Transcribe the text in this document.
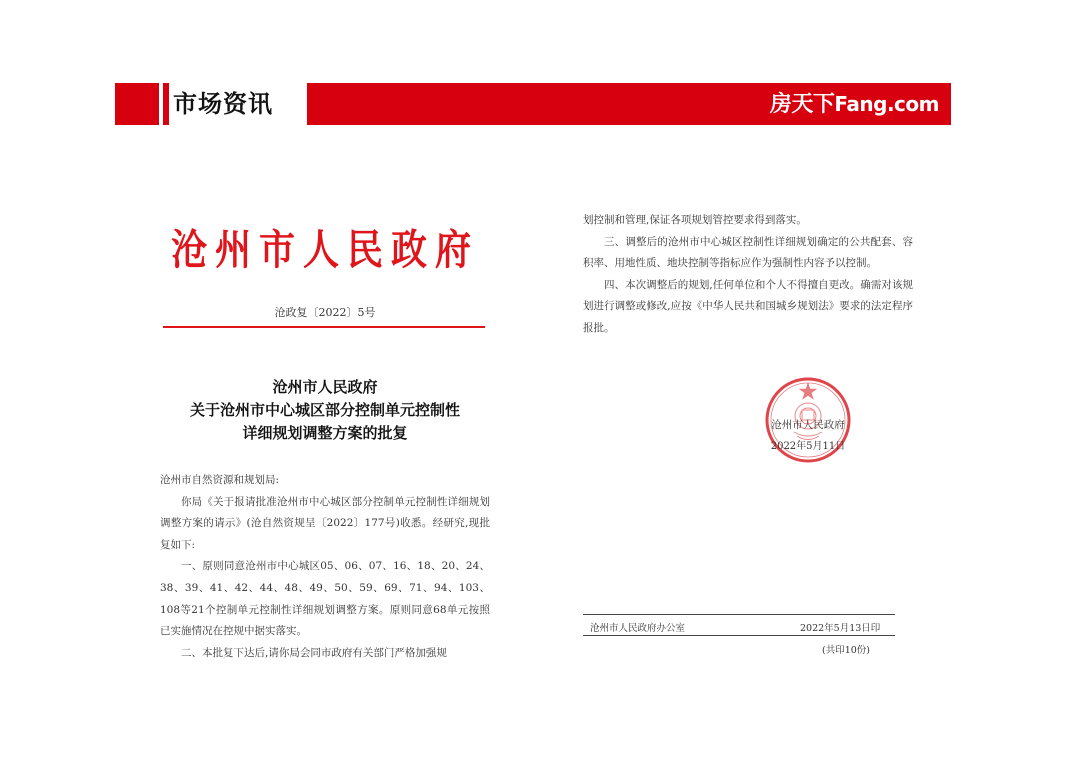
市场资讯	房天下Fang.com
沧州市人民政府
沧政复〔2022〕5号
沧州市人民政府
关于沧州市中心城区部分控制单元控制性
详细规划调整方案的批复

沧州市自然资源和规划局:

你局《关于报请批准沧州市中心城区部分控制单元控制性详细规划调整方案的请示》(沧自然资规呈〔2022〕177号)收悉。经研究,现批复如下:

一、原则同意沧州市中心城区05、06、07、16、18、20、24、38、39、41、42、44、48、49、50、59、69、71、94、103、108等21个控制单元控制性详细规划调整方案。原则同意68单元按照已实施情况在控规中据实落实。

二、本批复下达后,请你局会同市政府有关部门严格加强规

划控制和管理,保证各项规划管控要求得到落实。

三、调整后的沧州市中心城区控制性详细规划确定的公共配套、容积率、用地性质、地块控制等指标应作为强制性内容予以控制。

四、本次调整后的规划,任何单位和个人不得擅自更改。确需对该规划进行调整或修改,应按《中华人民共和国城乡规划法》要求的法定程序报批。

沧州市人民政府
2022年5月11日
沧州市人民政府办公室	2022年5月13日印
(共印10份)
